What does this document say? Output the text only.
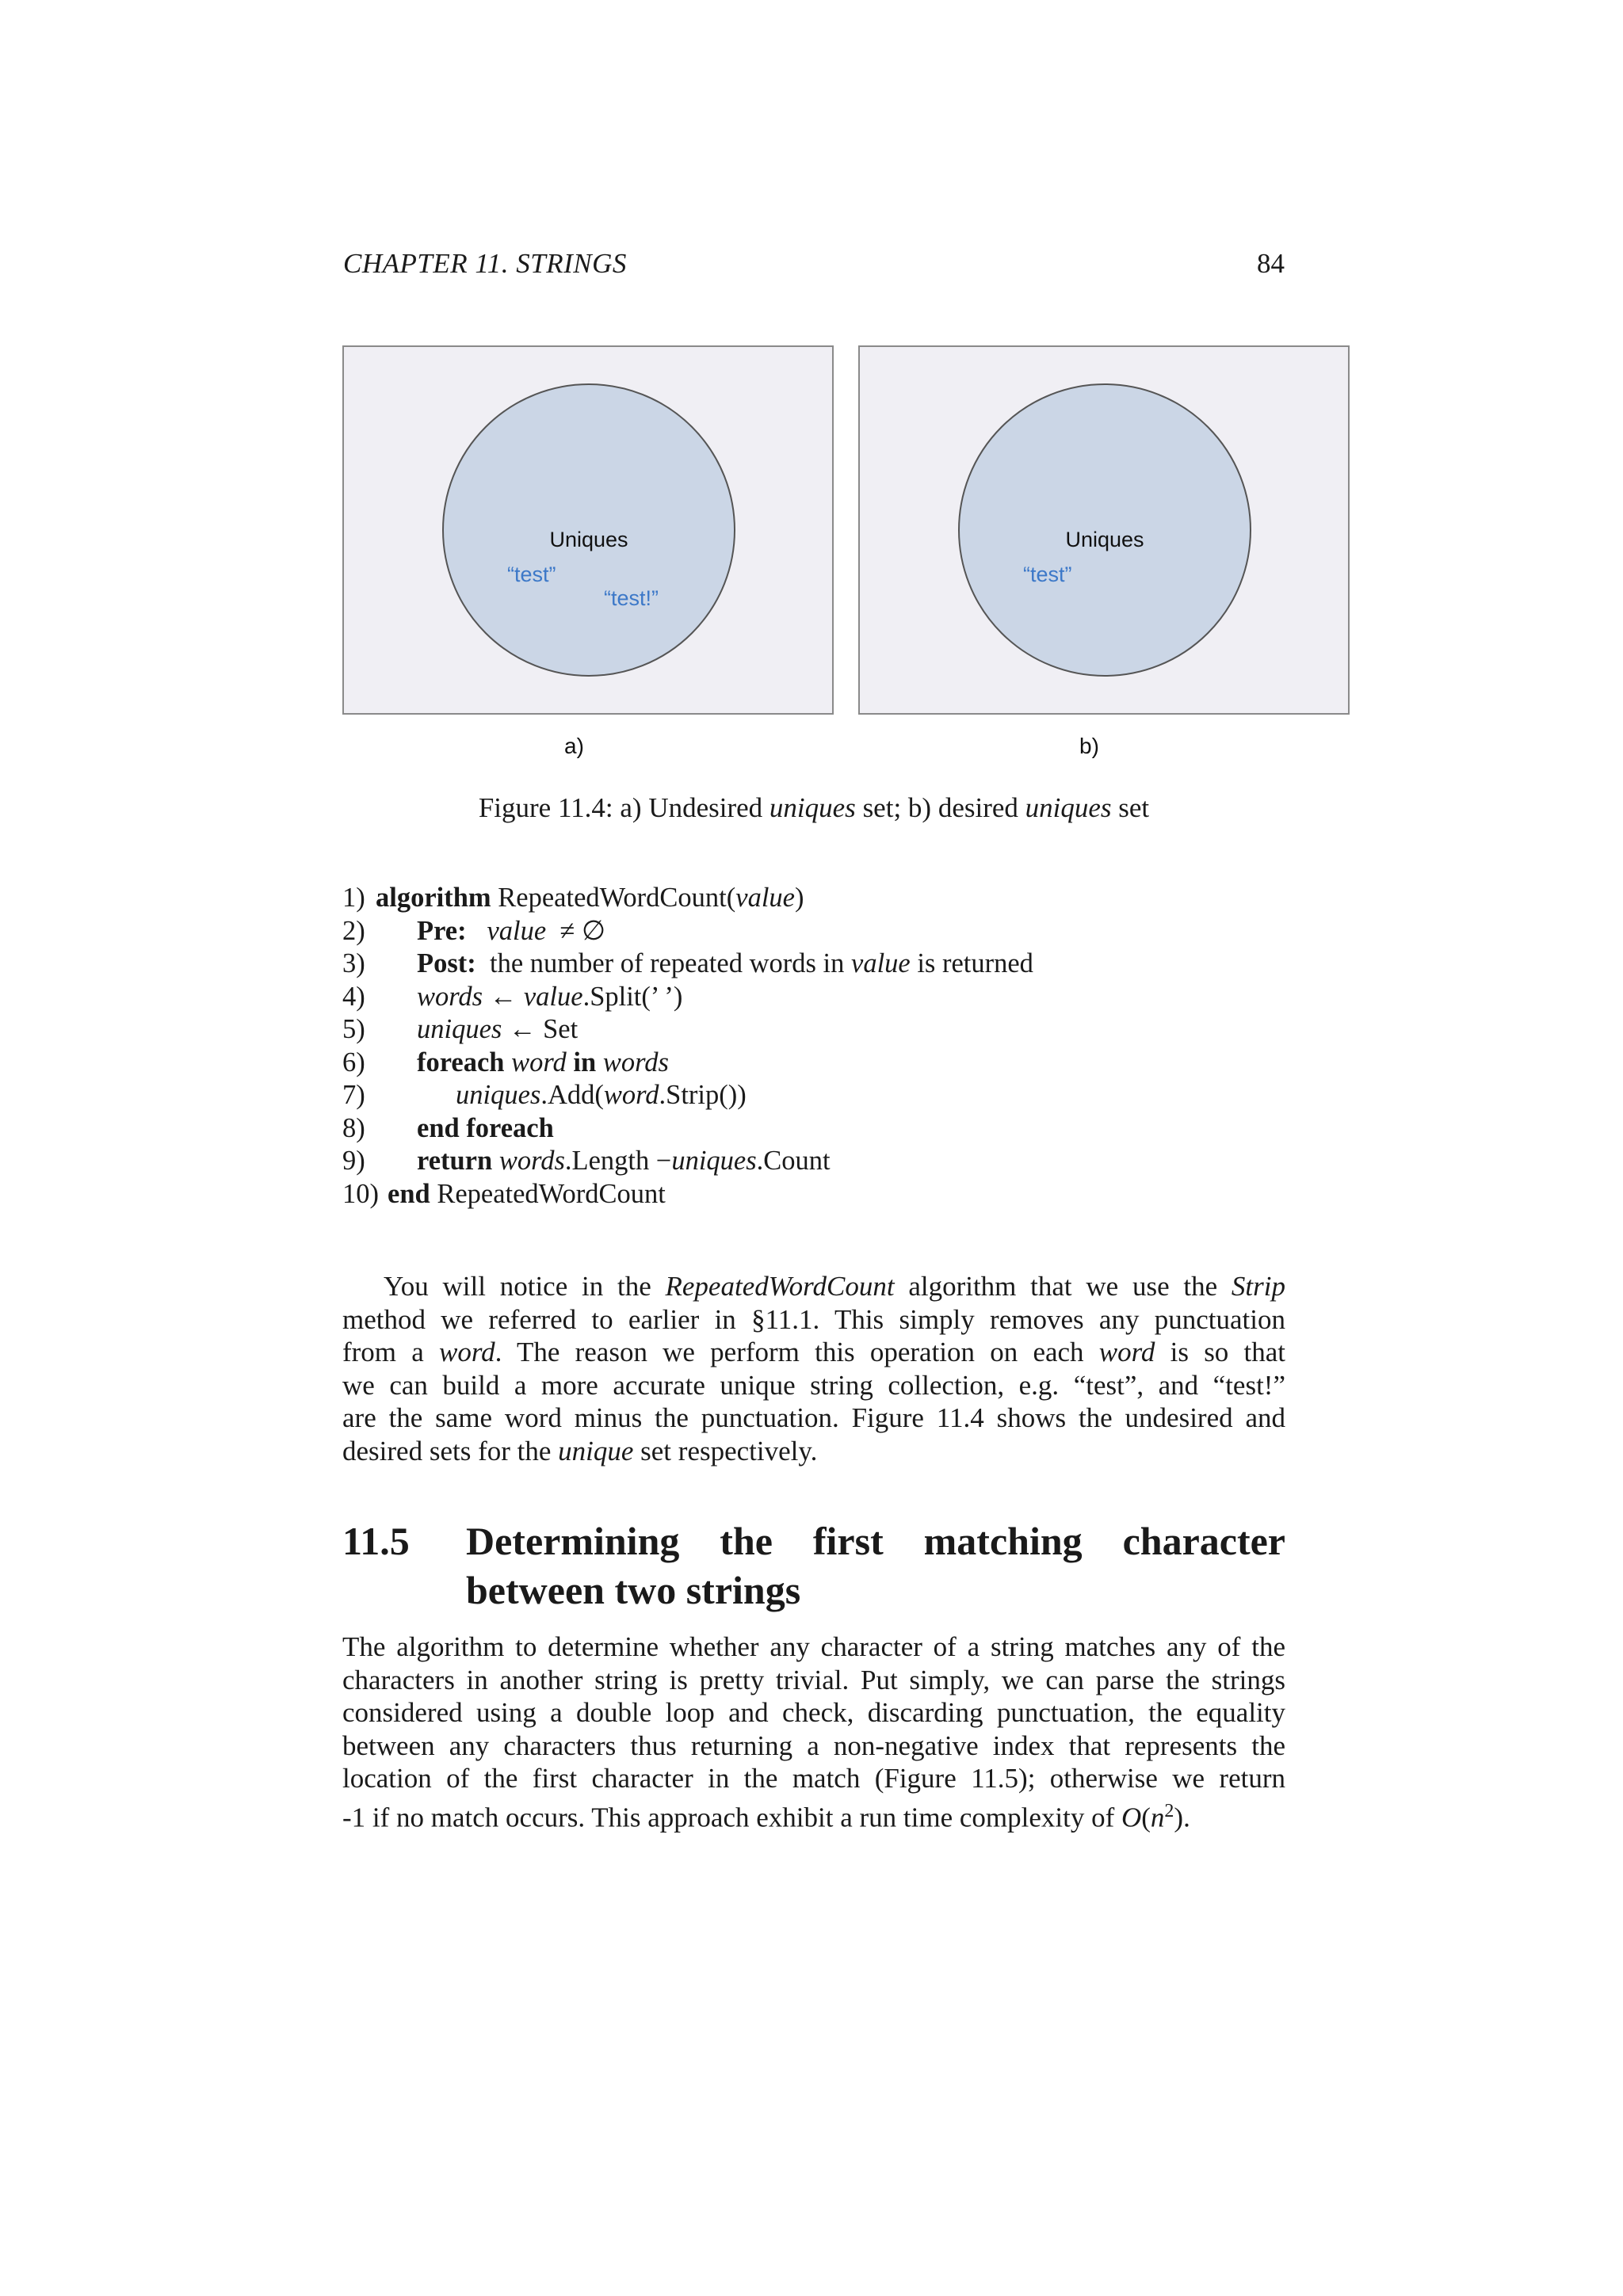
CHAPTER 11. STRINGS	84
Uniques
“test”
“test!”
Uniques
“test”
a)	b)
Figure 11.4: a) Undesired uniques set; b) desired uniques set
1) algorithm RepeatedWordCount(value)
2) Pre: value ≠ ∅
3) Post: the number of repeated words in value is returned
4) words ← value.Split(’ ’)
5) uniques ← Set
6) foreach word in words
7)	uniques.Add(word.Strip())
8) end foreach
9) return words.Length −uniques.Count
10) end RepeatedWordCount
You will notice in the RepeatedWordCount algorithm that we use the Strip
method we referred to earlier in §11.1. This simply removes any punctuation
from a word. The reason we perform this operation on each word is so that
we can build a more accurate unique string collection, e.g. “test”, and “test!”
are the same word minus the punctuation. Figure 11.4 shows the undesired and
desired sets for the unique set respectively.
11.5 Determining the first matching character
between two strings
The algorithm to determine whether any character of a string matches any of the
characters in another string is pretty trivial. Put simply, we can parse the strings
considered using a double loop and check, discarding punctuation, the equality
between any characters thus returning a non-negative index that represents the
location of the first character in the match (Figure 11.5); otherwise we return
-1 if no match occurs. This approach exhibit a run time complexity of $O(n^2)$.
